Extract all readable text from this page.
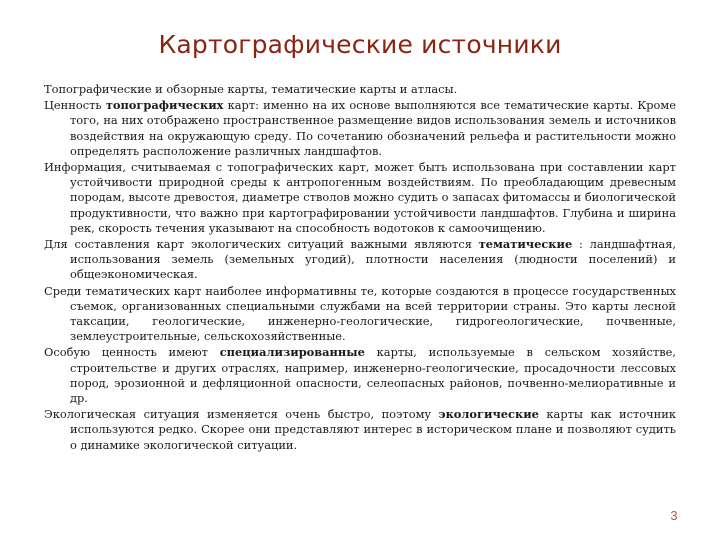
Картографические источники

Топографические и обзорные карты, тематические карты и атласы.

Ценность топографических карт: именно на их основе выполняются все тематические карты. Кроме того, на них отображено пространственное размещение видов использования земель и источников воздействия на окружающую среду. По сочетанию обозначений рельефа и растительности можно определять расположение различных ландшафтов.

Информация, считываемая с топографических карт, может быть использована при составлении карт устойчивости природной среды к антропогенным воздействиям. По преобладающим древесным породам, высоте древостоя, диаметре стволов можно судить о запасах фитомассы и биологической продуктивности, что важно при картографировании устойчивости ландшафтов. Глубина и ширина рек, скорость течения указывают на способность водотоков к самоочищению.

Для составления карт экологических ситуаций важными являются тематические : ландшафтная, использования земель (земельных угодий), плотности населения (людности поселений) и общеэкономическая.

Среди тематических карт наиболее информативны те, которые создаются в процессе государственных съемок, организованных специальными службами на всей территории страны. Это карты лесной таксации, геологические, инженерно-геологические, гидрогеологические, почвенные, землеустроительные, сельскохозяйственные.

Особую ценность имеют специализированные карты, используемые в сельском хозяйстве, строительстве и других отраслях, например, инженерно-геологические, просадочности лессовых пород, эрозионной и дефляционной опасности, селеопасных районов, почвенно-мелиоративные и др.

Экологическая ситуация изменяется очень быстро, поэтому экологические карты как источник используются редко. Скорее они представляют интерес в историческом плане и позволяют судить о динамике экологической ситуации.

3
